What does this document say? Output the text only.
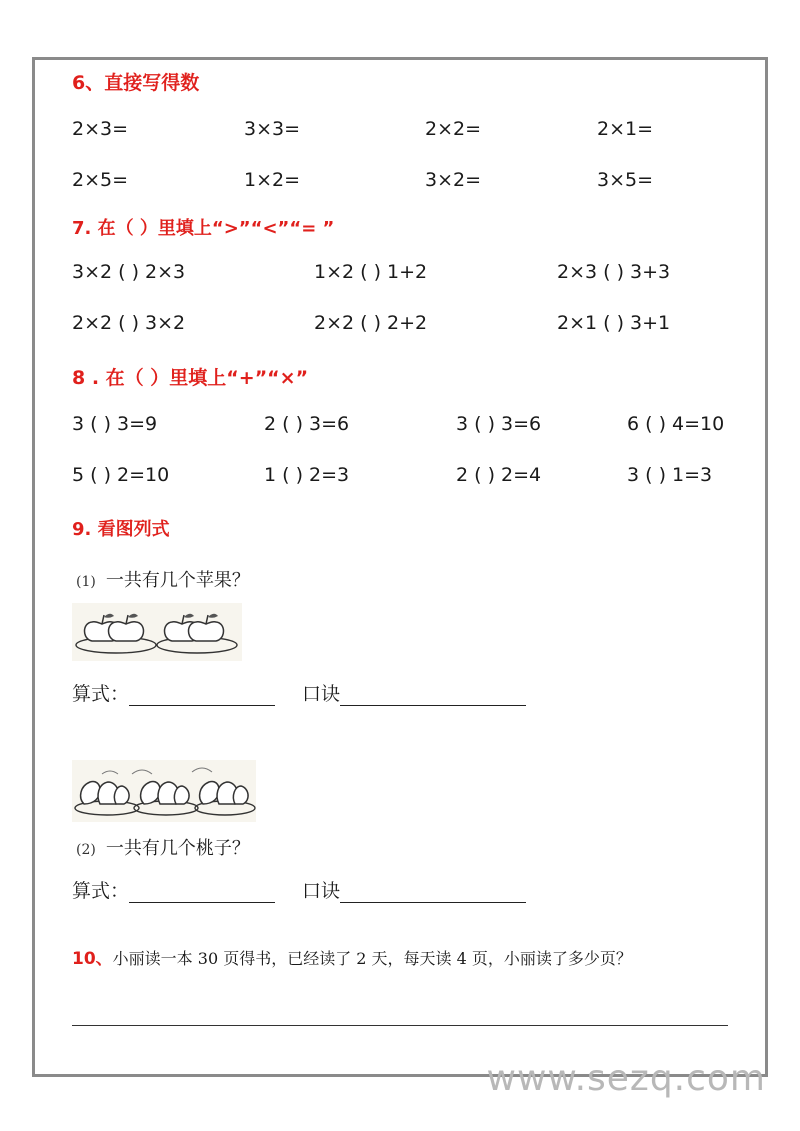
6、直接写得数
2×3=	3×3=	2×2=	2×1=
2×5=	1×2=	3×2=	3×5=
7. 在（ ）里填上“>”“<”“= ”
3×2 ( ) 2×3	1×2 ( ) 1+2	2×3 ( ) 3+3
2×2 ( ) 3×2	2×2 ( ) 2+2	2×1 ( ) 3+1
8 . 在（ ）里填上“+”“×”
3 ( ) 3=9	2 ( ) 3=6	3 ( ) 3=6	6 ( ) 4=10
5 ( ) 2=10	1 ( ) 2=3	2 ( ) 2=4	3 ( ) 1=3
9. 看图列式
(1) 一共有几个苹果？
算式：	口诀
(2) 一共有几个桃子？
算式：	口诀
10、小丽读一本 30 页得书，已经读了 2 天，每天读 4 页，小丽读了多少页？
www.sezq.com
